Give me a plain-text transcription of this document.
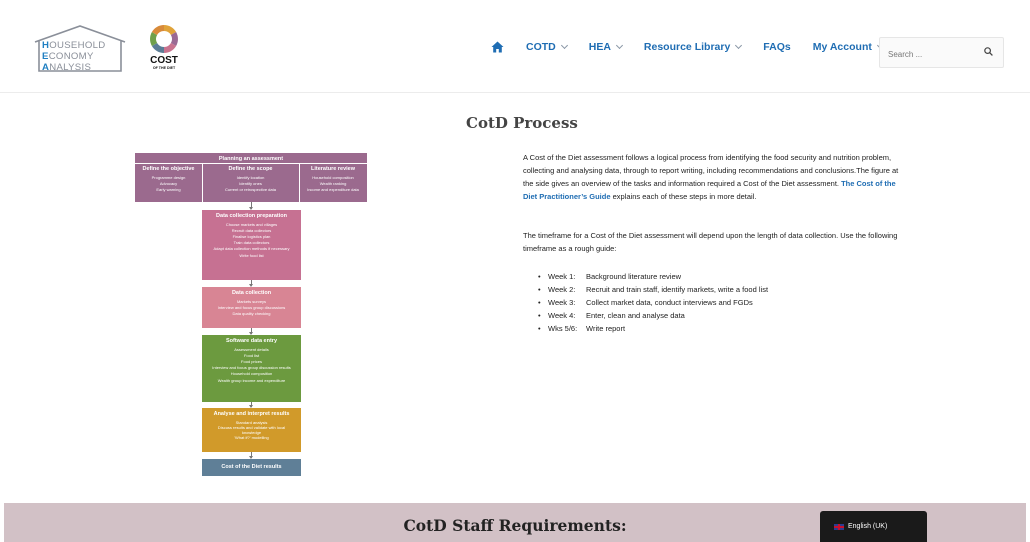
HOUSEHOLD
ECONOMY
ANALYSIS
COST
OF THE DIET
COTD	HEA	Resource Library	FAQs My Account
Search ...
Planning an assessment
Define the objective
Programme design
Advocacy
Early warning
Define the scope
Identify location
Identify ones
Current or retrospective data
Literature review
Household composition
Wealth ranking
Income and expenditure data
Data collection preparation
Choose markets and villages
Recruit data collectors
Finalise logistics plan
Train data collectors
Adapt data collection methods if necessary
Write food list
Data collection
Markets surveys
Interview and focus group discussions
Data quality checking
Software data entry
Assessment details
Food list
Food prices
Interview and focus group discussion results
Household composition
Wealth group income and expenditure
Analyse and interpret results
Standard analysis
Discuss results and validate with local knowledge
'What if?' modelling
Cost of the Diet results
CotD Process

A Cost of the Diet assessment follows a logical process from identifying the food security and nutrition problem, collecting and analysing data, through to report writing, including recommendations and conclusions.The figure at the side gives an overview of the tasks and information required a Cost of the Diet assessment. The Cost of the Diet Practitioner’s Guide explains each of these steps in more detail.

The timeframe for a Cost of the Diet assessment will depend upon the length of data collection. Use the following timeframe as a rough guide:

• Week 1: Background literature review
• Week 2: Recruit and train staff, identify markets, write a food list
• Week 3: Collect market data, conduct interviews and FGDs
• Week 4: Enter, clean and analyse data
• Wks 5/6: Write report
CotD Staff Requirements:	English (UK)
